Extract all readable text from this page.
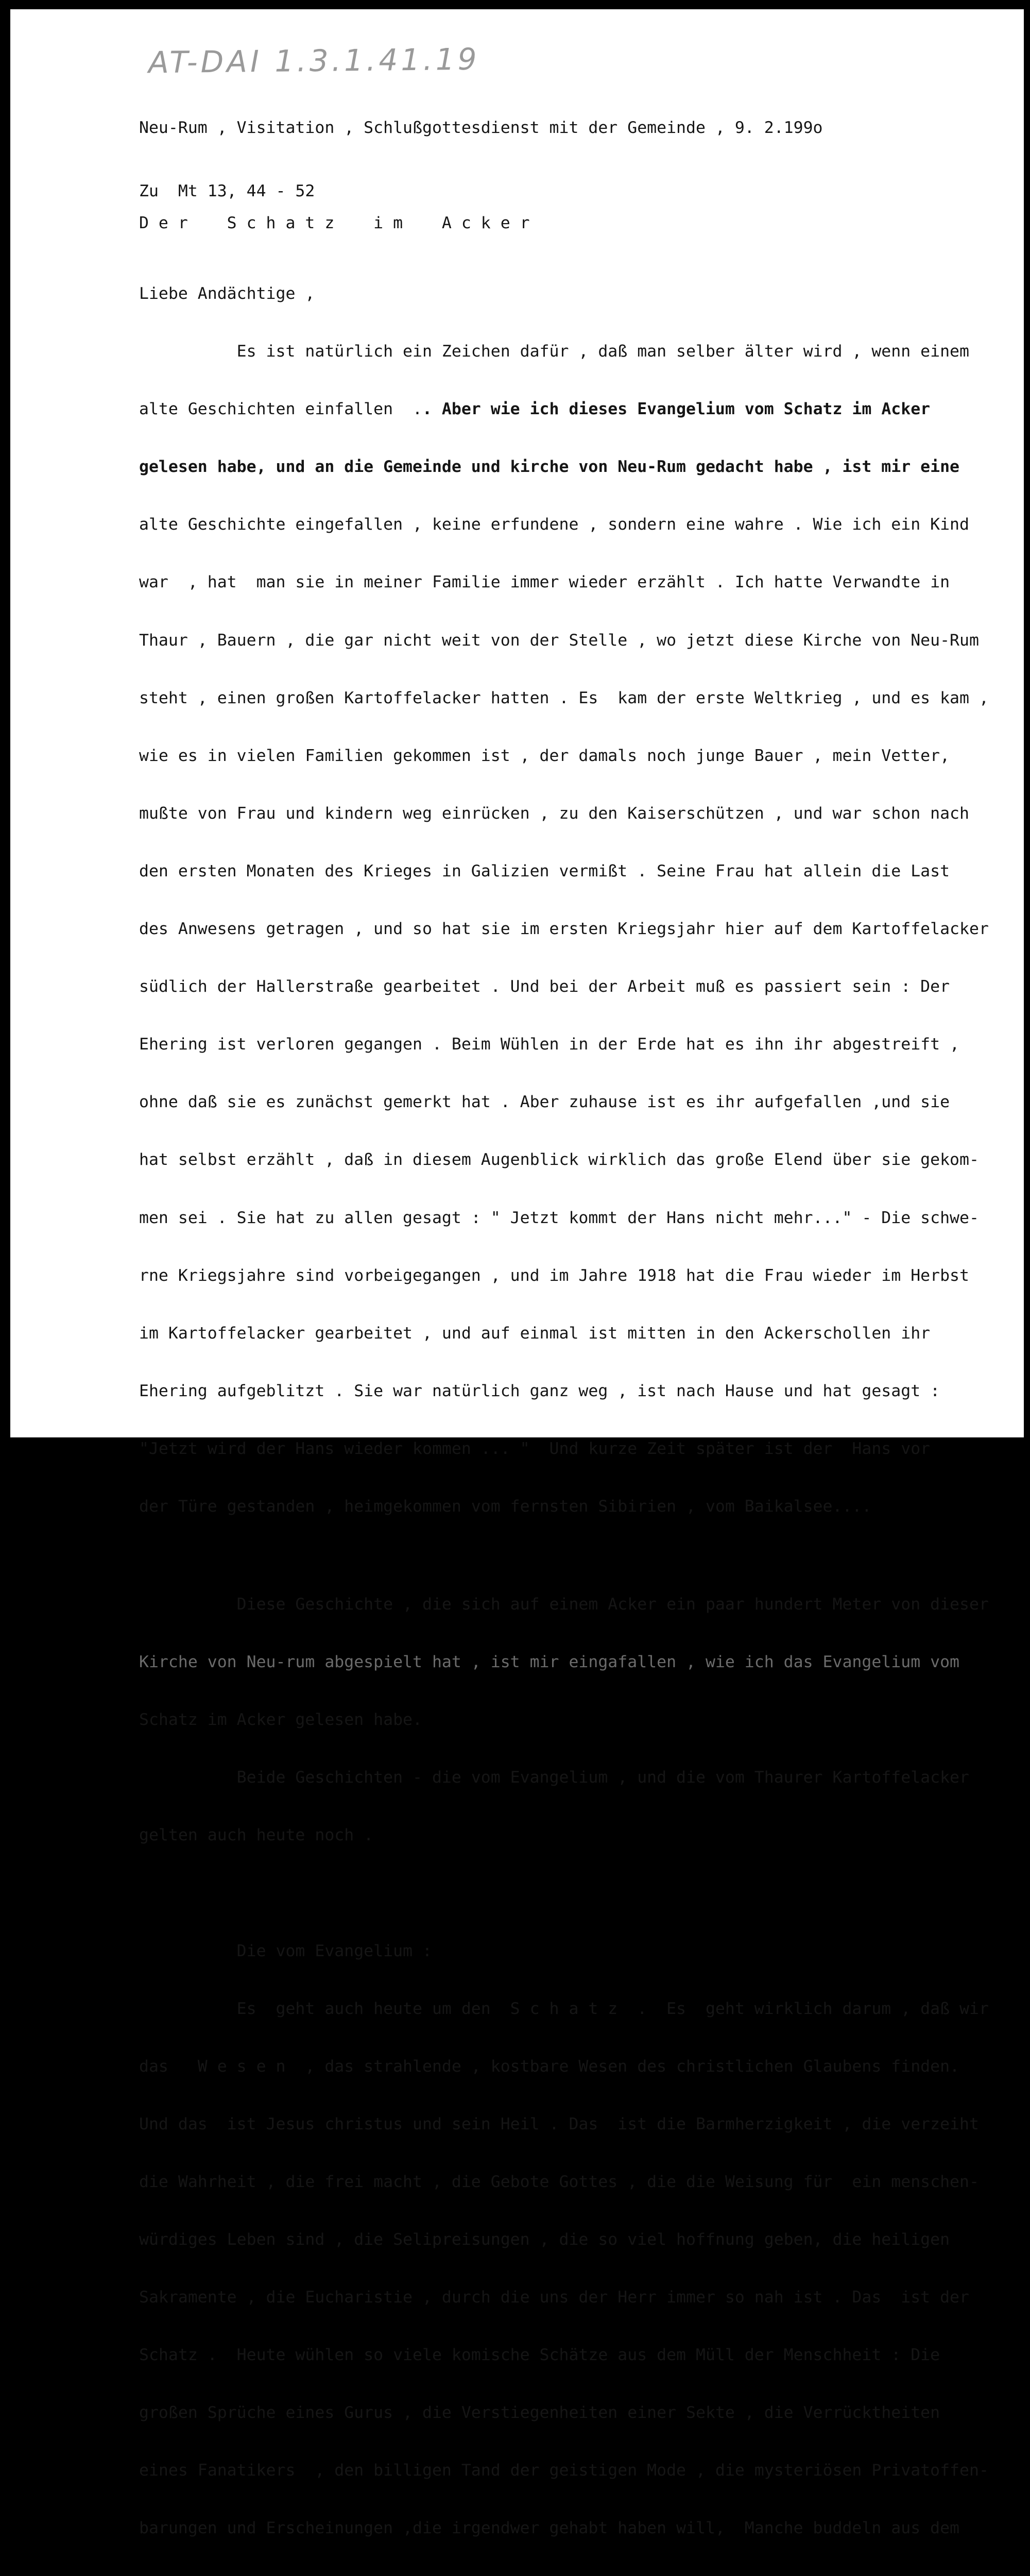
AT-DAI 1.3.1.41.19
Neu-Rum , Visitation , Schlußgottesdienst mit der Gemeinde , 9. 2.199o
Zu  Mt 13, 44 - 52
D e r    S c h a t z    i m    A c k e r

Liebe Andächtige ,

Es ist natürlich ein Zeichen dafür , daß man selber älter wird , wenn einem

alte Geschichten einfallen  .. Aber wie ich dieses Evangelium vom Schatz im Acker

gelesen habe, und an die Gemeinde und kirche von Neu-Rum gedacht habe , ist mir eine

alte Geschichte eingefallen , keine erfundene , sondern eine wahre . Wie ich ein Kind

war  , hat  man sie in meiner Familie immer wieder erzählt . Ich hatte Verwandte in

Thaur , Bauern , die gar nicht weit von der Stelle , wo jetzt diese Kirche von Neu-Rum

steht , einen großen Kartoffelacker hatten . Es  kam der erste Weltkrieg , und es kam ,

wie es in vielen Familien gekommen ist , der damals noch junge Bauer , mein Vetter,

mußte von Frau und kindern weg einrücken , zu den Kaiserschützen , und war schon nach

den ersten Monaten des Krieges in Galizien vermißt . Seine Frau hat allein die Last

des Anwesens getragen , und so hat sie im ersten Kriegsjahr hier auf dem Kartoffelacker

südlich der Hallerstraße gearbeitet . Und bei der Arbeit muß es passiert sein : Der

Ehering ist verloren gegangen . Beim Wühlen in der Erde hat es ihn ihr abgestreift ,

ohne daß sie es zunächst gemerkt hat . Aber zuhause ist es ihr aufgefallen ,und sie

hat selbst erzählt , daß in diesem Augenblick wirklich das große Elend über sie gekom-

men sei . Sie hat zu allen gesagt : " Jetzt kommt der Hans nicht mehr..." - Die schwe-

rne Kriegsjahre sind vorbeigegangen , und im Jahre 1918 hat die Frau wieder im Herbst

im Kartoffelacker gearbeitet , und auf einmal ist mitten in den Ackerschollen ihr

Ehering aufgeblitzt . Sie war natürlich ganz weg , ist nach Hause und hat gesagt :

"Jetzt wird der Hans wieder kommen ... "  Und kurze Zeit später ist der  Hans vor

der Türe gestanden , heimgekommen vom fernsten Sibirien , vom Baikalsee....

Diese Geschichte , die sich auf einem Acker ein paar hundert Meter von dieser

Kirche von Neu-rum abgespielt hat , ist mir eingafallen , wie ich das Evangelium vom

Schatz im Acker gelesen habe.

Beide Geschichten - die vom Evangelium , und die vom Thaurer Kartoffelacker

gelten auch heute noch .

Die vom Evangelium :

Es  geht auch heute um den  S c h a t z  .  Es  geht wirklich darum , daß wir

das   W e s e n  , das strahlende , kostbare Wesen des christlichen Glaubens finden.

Und das  ist Jesus christus und sein Heil . Das  ist die Barmherzigkeit , die verzeiht

die Wahrheit , die frei macht , die Gebote Gottes , die die Weisung für  ein menschen-

würdiges Leben sind , die Selipreisungen , die so viel hoffnung geben, die heiligen

Sakramente , die Eucharistie , durch die uns der Herr immer so nah ist . Das  ist der

Schatz .  Heute wühlen so viele komische Schätze aus dem Müll der Menschheit : Die

großen Sprüche eines Gurus , die Verstiegenheiten einer Sekte , die Verrücktheiten

eines Fanatikers  , den billigen Tand der geistigen Mode , die mysteriösen Privatoffen-

barungen und Erscheinungen ,die irgendwer gehabt haben will,  Manche buddeln aus dem
